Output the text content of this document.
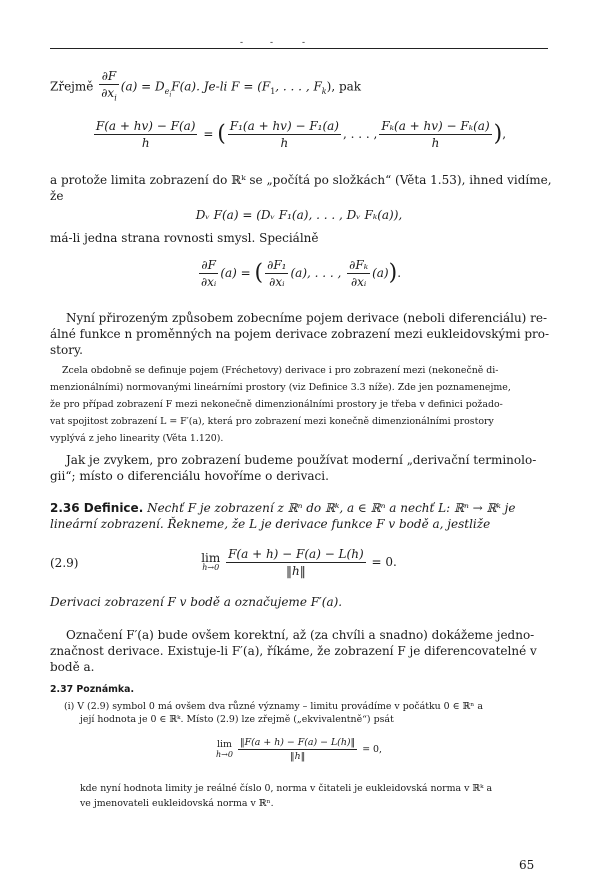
-	-	-
Zřejmě $\frac{\partial F}{\partial x_i} (a) = D_{e_i}F(a)$. Je-li $F = (F_1$, . . . , $F_k$), pak
$\frac{F(a + hv) - F(a)}{h}$ = ( $\frac{\text{F₁(a + hv) − F₁(a)}}{h}$ , . . . , $\frac{\text{Fₖ(a + hv) − Fₖ(a)}}{h}$ ),
a protože limita zobrazení do ℝᵏ se „počítá po složkách“ (Věta 1.53), ihned vidíme,
že
Dᵥ F(a) = (Dᵥ F₁(a), . . . , Dᵥ Fₖ(a)),
má-li jedna strana rovnosti smysl. Speciálně
$\frac{\partial F}{\text{∂xᵢ}} (a)$ = ( $\frac{\text{∂F₁}}{\text{∂xᵢ}} (a)$, . . . , $\frac{\text{∂Fₖ}}{\text{∂xᵢ}} (a)$).
Nyní přirozeným způsobem zobecníme pojem derivace (neboli diferenciálu) re-
álné funkce n proměnných na pojem derivace zobrazení mezi eukleidovskými pro-
story.
Zcela obdobně se definuje pojem (Fréchetovy) derivace i pro zobrazení mezi (nekonečně di-
menzionálními) normovanými lineárními prostory (viz Definice 3.3 níže). Zde jen poznamenejme,
že pro případ zobrazení F mezi nekonečně dimenzionálními prostory je třeba v definici požado-
vat spojitost zobrazení L = F′(a), která pro zobrazení mezi konečně dimenzionálními prostory
vyplývá z jeho linearity (Věta 1.120).
Jak je zvykem, pro zobrazení budeme používat moderní „derivační terminolo-
gii“; místo o diferenciálu hovoříme o derivaci.
2.36 Definice. Nechť F je zobrazení z ℝⁿ do ℝᵏ, a ∈ ℝⁿ a nechť L: ℝⁿ → ℝᵏ je
lineární zobrazení. Řekneme, že L je derivace funkce F v bodě a, jestliže
(2.9)	lim
h→0
$\frac{F(a + h) - F(a) - L(h)}{‖h‖} = 0$.
Derivaci zobrazení F v bodě a označujeme F′(a).
Označení F′(a) bude ovšem korektní, až (za chvíli a snadno) dokážeme jedno-
značnost derivace. Existuje-li F′(a), říkáme, že zobrazení F je diferencovatelné v
bodě a.
2.37 Poznámka.
(i) V (2.9) symbol 0 má ovšem dva různé významy – limitu provádíme v počátku 0 ∈ ℝⁿ a
její hodnota je 0 ∈ ℝᵏ. Místo (2.9) lze zřejmě („ekvivalentně“) psát
lim
h→0
$\frac{‖F(a + h) - F(a) - L(h)‖}{‖h‖} = 0$,
kde nyní hodnota limity je reálné číslo 0, norma v čitateli je eukleidovská norma v ℝᵏ a
ve jmenovateli eukleidovská norma v ℝⁿ.
65
